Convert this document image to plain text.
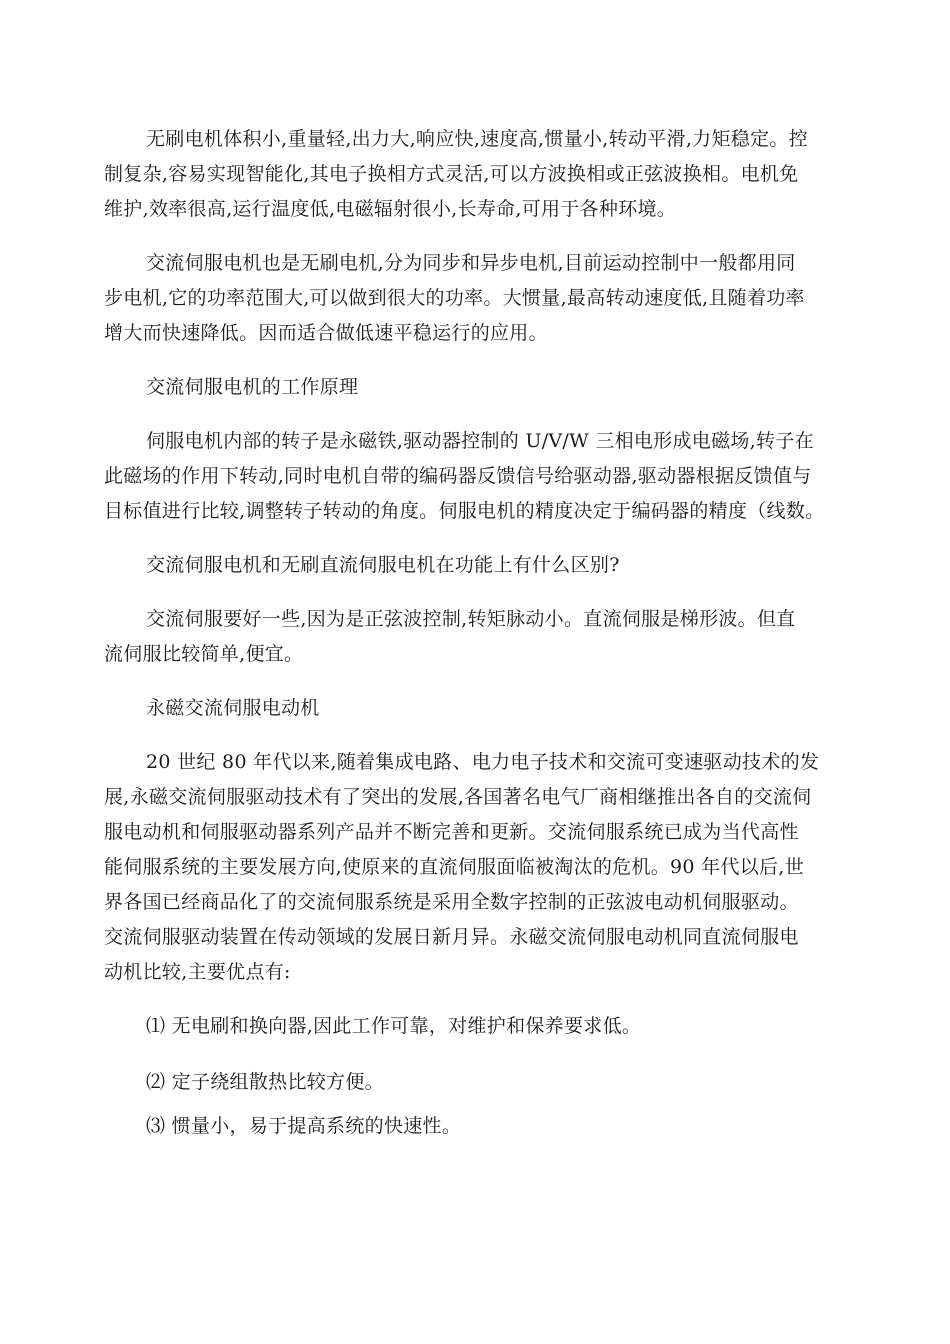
无刷电机体积小,重量轻,出力大,响应快,速度高,惯量小,转动平滑,力矩稳定。控
制复杂,容易实现智能化,其电子换相方式灵活,可以方波换相或正弦波换相。电机免
维护,效率很高,运行温度低,电磁辐射很小,长寿命,可用于各种环境。
交流伺服电机也是无刷电机,分为同步和异步电机,目前运动控制中一般都用同
步电机,它的功率范围大,可以做到很大的功率。大惯量,最高转动速度低,且随着功率
增大而快速降低。因而适合做低速平稳运行的应用。
交流伺服电机的工作原理
伺服电机内部的转子是永磁铁,驱动器控制的 U/V/W 三相电形成电磁场,转子在
此磁场的作用下转动,同时电机自带的编码器反馈信号给驱动器,驱动器根据反馈值与
目标值进行比较,调整转子转动的角度。伺服电机的精度决定于编码器的精度（线数。
交流伺服电机和无刷直流伺服电机在功能上有什么区别?
交流伺服要好一些,因为是正弦波控制,转矩脉动小。直流伺服是梯形波。但直
流伺服比较简单,便宜。
永磁交流伺服电动机
20 世纪 80 年代以来,随着集成电路、电力电子技术和交流可变速驱动技术的发
展,永磁交流伺服驱动技术有了突出的发展,各国著名电气厂商相继推出各自的交流伺
服电动机和伺服驱动器系列产品并不断完善和更新。交流伺服系统已成为当代高性
能伺服系统的主要发展方向,使原来的直流伺服面临被淘汰的危机。90 年代以后,世
界各国已经商品化了的交流伺服系统是采用全数字控制的正弦波电动机伺服驱动。
交流伺服驱动装置在传动领域的发展日新月异。永磁交流伺服电动机同直流伺服电
动机比较,主要优点有:
⑴ 无电刷和换向器,因此工作可靠，对维护和保养要求低。
⑵ 定子绕组散热比较方便。
⑶ 惯量小，易于提高系统的快速性。
